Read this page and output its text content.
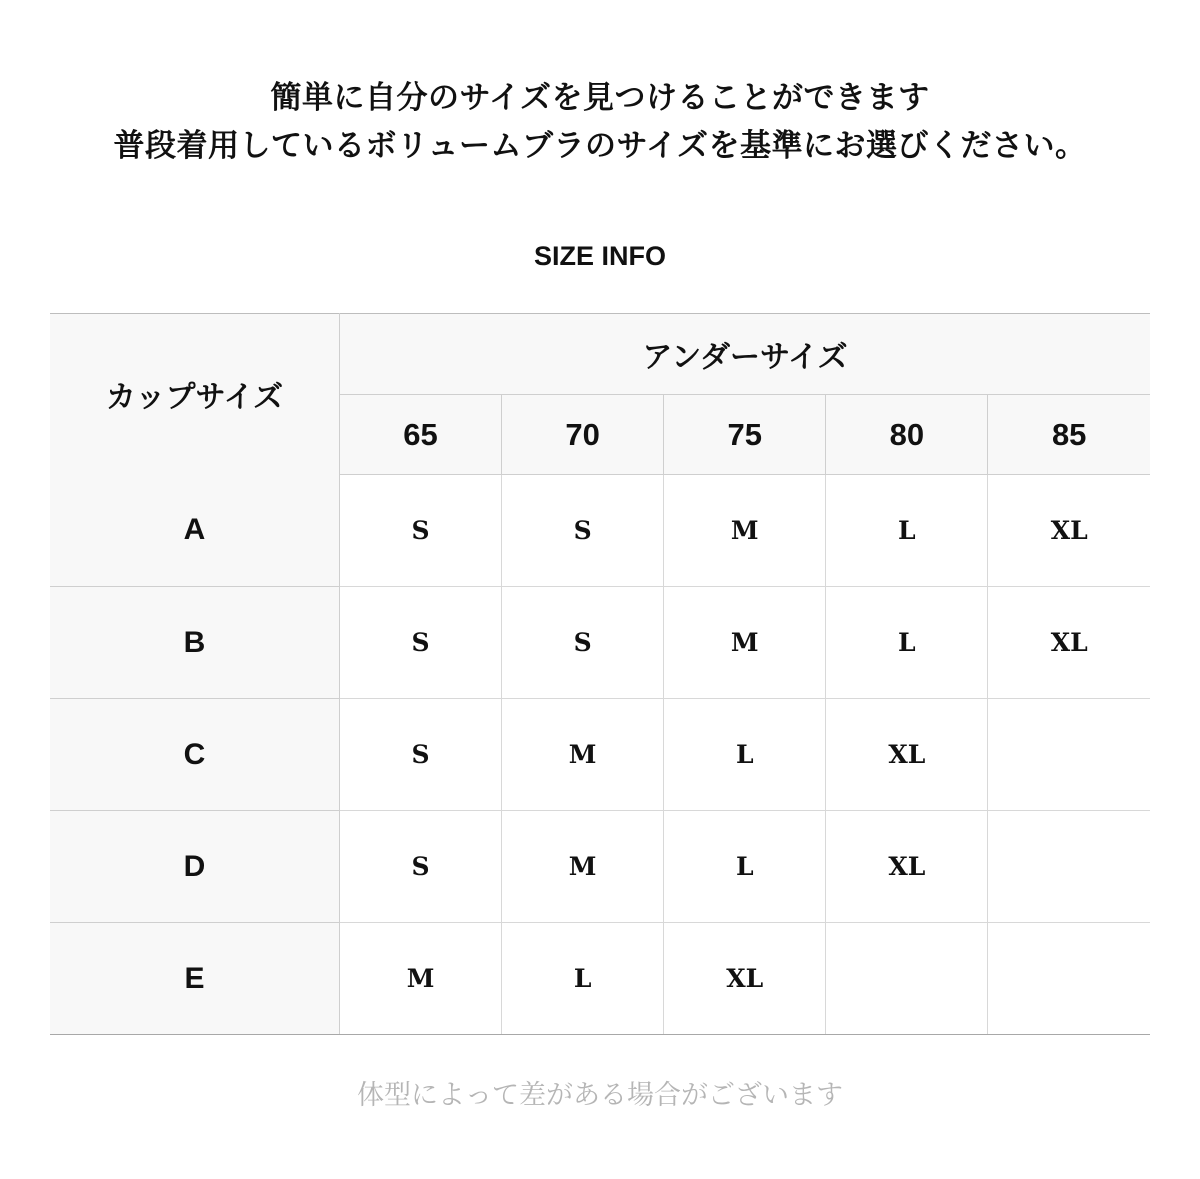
簡単に自分のサイズを見つけることができます
普段着用しているボリュームブラのサイズを基準にお選びください。
SIZE INFO
カップサイズ	アンダーサイズ				
	65	70	75	80	85
A	S	S	M	L	XL
B	S	S	M	L	XL
C	S	M	L	XL	
D	S	M	L	XL	
E	M	L	XL		
体型によって差がある場合がございます
